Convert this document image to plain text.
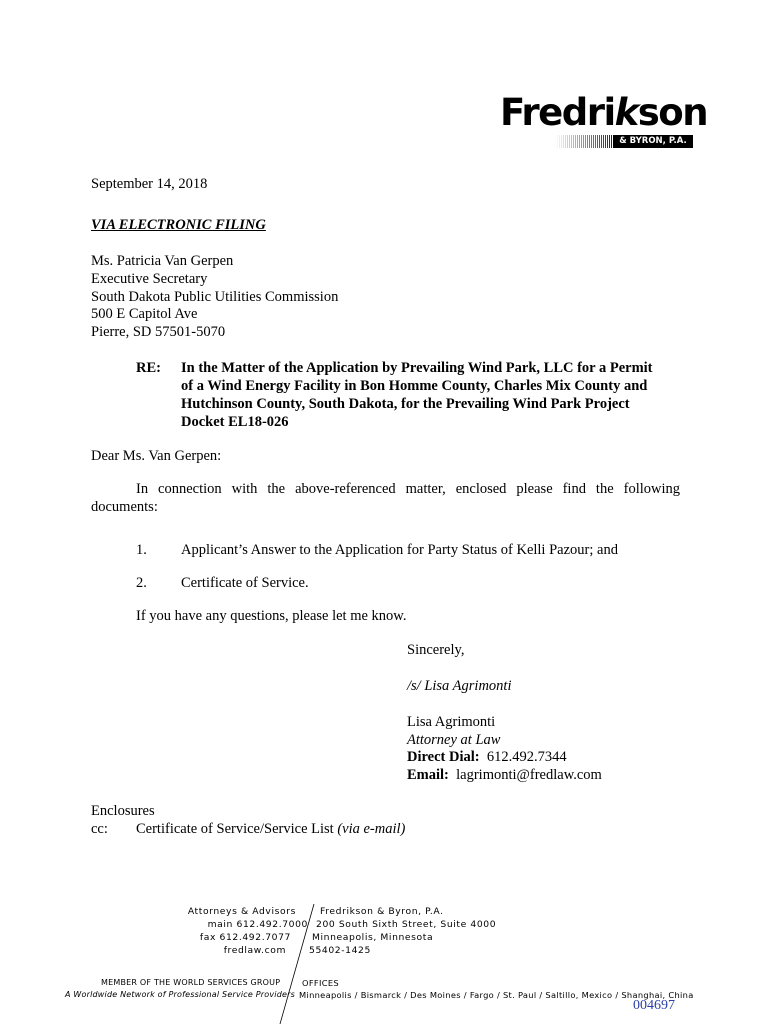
Fredrikson
& BYRON, P.A.
September 14, 2018
VIA ELECTRONIC FILING
Ms. Patricia Van Gerpen
Executive Secretary
South Dakota Public Utilities Commission
500 E Capitol Ave
Pierre, SD 57501-5070
RE: In the Matter of the Application by Prevailing Wind Park, LLC for a Permit
of a Wind Energy Facility in Bon Homme County, Charles Mix County and
Hutchinson County, South Dakota, for the Prevailing Wind Park Project
Docket EL18-026
Dear Ms. Van Gerpen:
In connection with the above-referenced matter, enclosed please find the following
documents:
1. Applicant’s Answer to the Application for Party Status of Kelli Pazour; and
2. Certificate of Service.
If you have any questions, please let me know.
Sincerely,
/s/ Lisa Agrimonti
Lisa Agrimonti
Attorney at Law
Direct Dial: 612.492.7344
Email: lagrimonti@fredlaw.com
Enclosures
cc: Certificate of Service/Service List (via e-mail)
Attorneys & Advisors
main 612.492.7000
fax 612.492.7077
fredlaw.com
Fredrikson & Byron, P.A.
200 South Sixth Street, Suite 4000
Minneapolis, Minnesota
55402-1425
MEMBER OF THE WORLD SERVICES GROUP
A Worldwide Network of Professional Service Providers
OFFICES
Minneapolis / Bismarck / Des Moines / Fargo / St. Paul / Saltillo, Mexico / Shanghai, China
004697
